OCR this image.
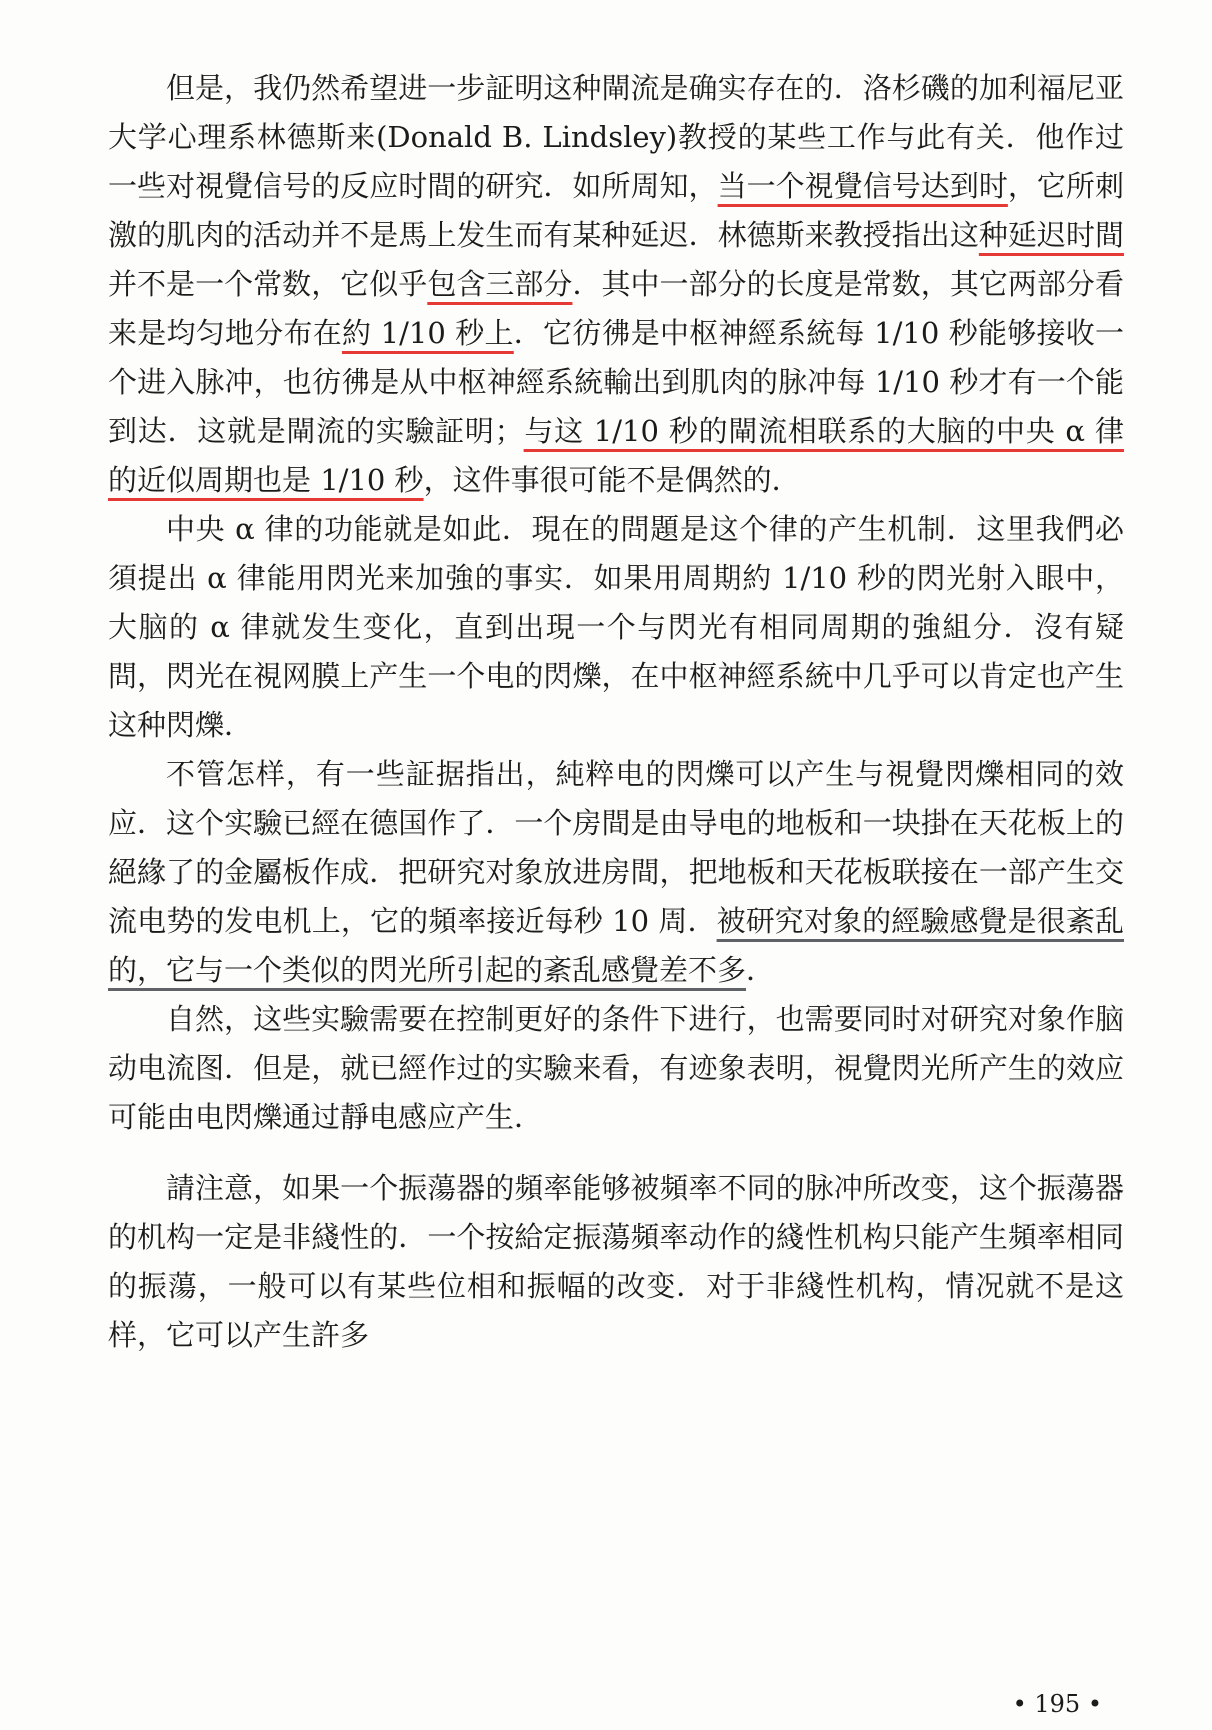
但是，我仍然希望进一步証明这种閘流是确实存在的．洛杉磯的加利福尼亚大学心理系林德斯来(Donald B. Lindsley)教授的某些工作与此有关．他作过一些对視覺信号的反应时間的研究．如所周知，当一个視覺信号达到时，它所刺激的肌肉的活动并不是馬上发生而有某种延迟．林德斯来教授指出这种延迟时間并不是一个常数，它似乎包含三部分．其中一部分的长度是常数，其它两部分看来是均匀地分布在約 1/10 秒上．它彷彿是中枢神經系統每 1/10 秒能够接收一个进入脉冲，也彷彿是从中枢神經系統輸出到肌肉的脉冲每 1/10 秒才有一个能到达．这就是閘流的实驗証明；与这 1/10 秒的閘流相联系的大脑的中央 α 律的近似周期也是 1/10 秒，这件事很可能不是偶然的．

中央 α 律的功能就是如此．現在的問題是这个律的产生机制．这里我們必須提出 α 律能用閃光来加強的事实．如果用周期約 1/10 秒的閃光射入眼中，大脑的 α 律就发生变化，直到出現一个与閃光有相同周期的強組分．沒有疑問，閃光在視网膜上产生一个电的閃爍，在中枢神經系統中几乎可以肯定也产生这种閃爍．

不管怎样，有一些証据指出，純粹电的閃爍可以产生与視覺閃爍相同的效应．这个实驗已經在德国作了．一个房間是由导电的地板和一块掛在天花板上的絕緣了的金屬板作成．把研究对象放进房間，把地板和天花板联接在一部产生交流电势的发电机上，它的頻率接近每秒 10 周．被研究对象的經驗感覺是很紊乱的，它与一个类似的閃光所引起的紊乱感覺差不多．

自然，这些实驗需要在控制更好的条件下进行，也需要同时对研究对象作脑动电流图．但是，就已經作过的实驗来看，有迹象表明，視覺閃光所产生的效应可能由电閃爍通过靜电感应产生．

請注意，如果一个振蕩器的頻率能够被頻率不同的脉冲所改变，这个振蕩器的机构一定是非綫性的．一个按給定振蕩頻率动作的綫性机构只能产生頻率相同的振蕩，一般可以有某些位相和振幅的改变．对于非綫性机构，情况就不是这样，它可以产生許多

• 195 •
